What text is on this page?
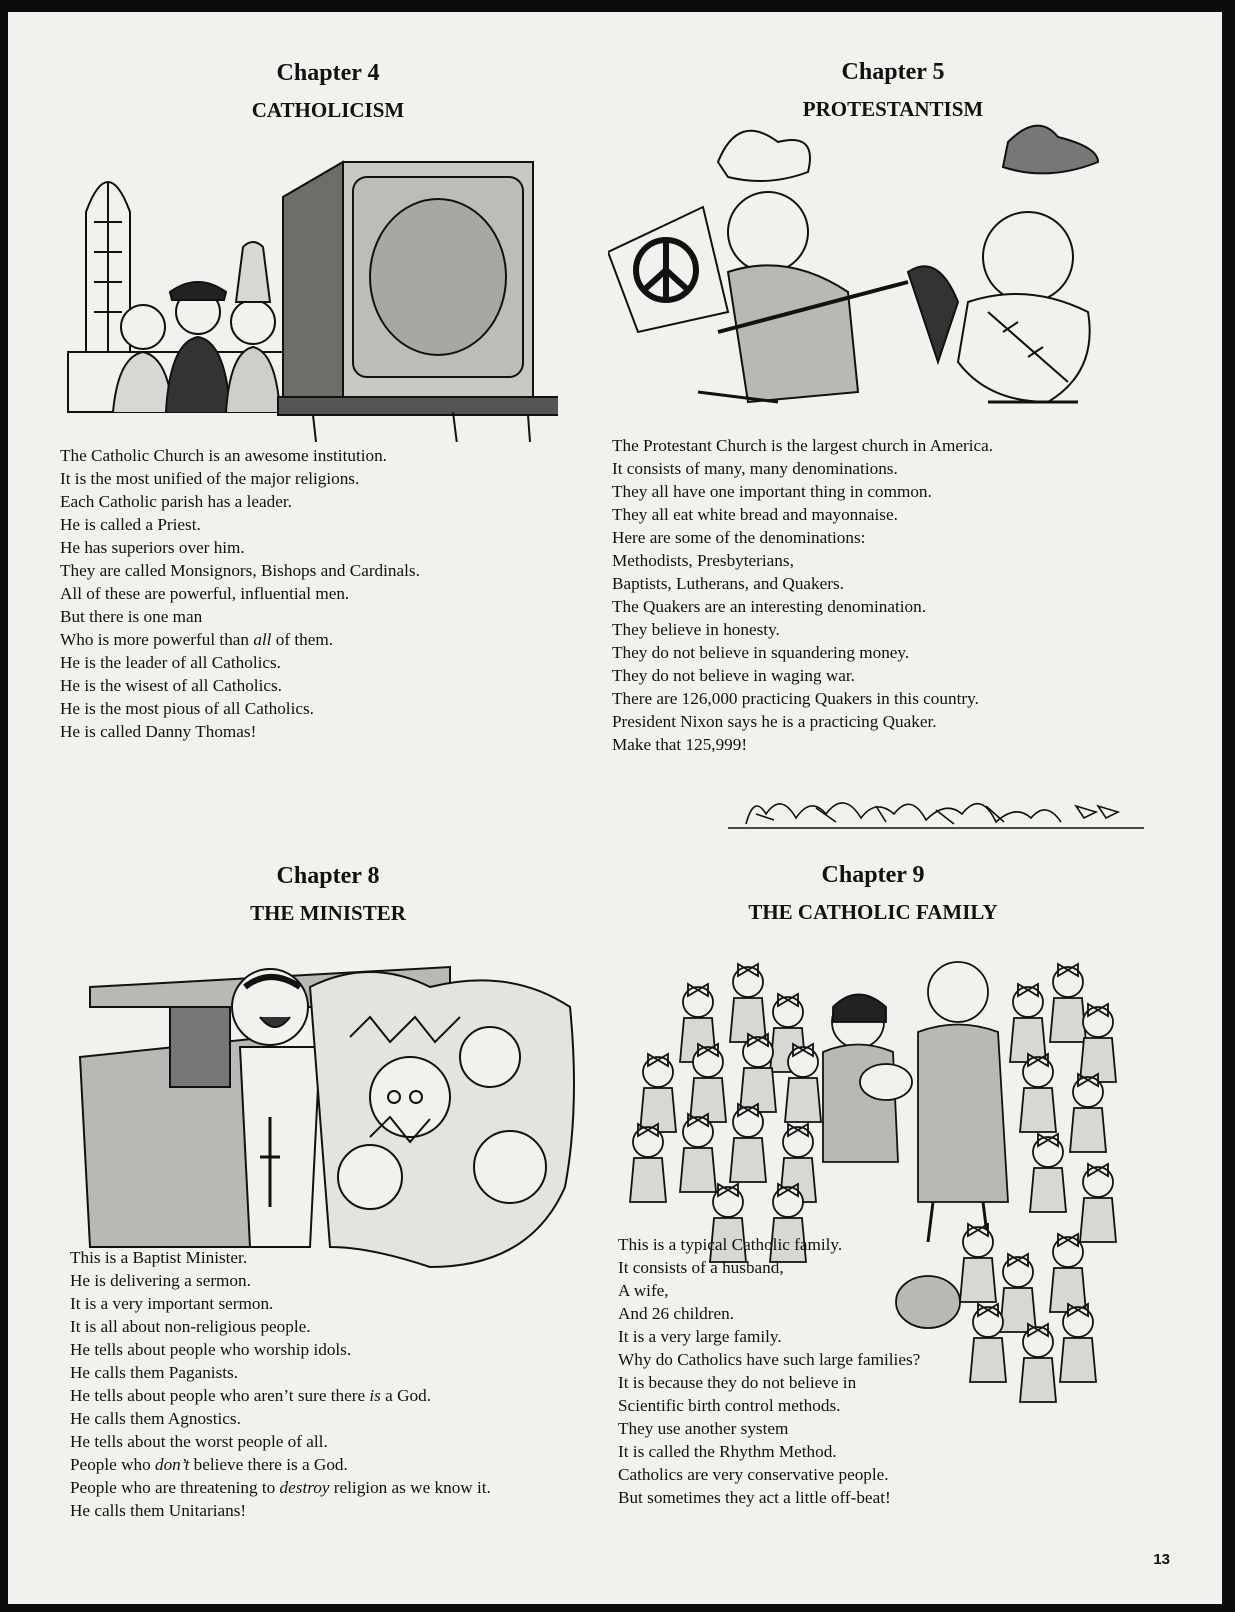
Chapter 4
CATHOLICISM
The Catholic Church is an awesome institution.
It is the most unified of the major religions.
Each Catholic parish has a leader.
He is called a Priest.
He has superiors over him.
They are called Monsignors, Bishops and Cardinals.
All of these are powerful, influential men.
But there is one man
Who is more powerful than all of them.
He is the leader of all Catholics.
He is the wisest of all Catholics.
He is the most pious of all Catholics.
He is called Danny Thomas!
Chapter 5
PROTESTANTISM
The Protestant Church is the largest church in America.
It consists of many, many denominations.
They all have one important thing in common.
They all eat white bread and mayonnaise.
Here are some of the denominations:
Methodists, Presbyterians,
Baptists, Lutherans, and Quakers.
The Quakers are an interesting denomination.
They believe in honesty.
They do not believe in squandering money.
They do not believe in waging war.
There are 126,000 practicing Quakers in this country.
President Nixon says he is a practicing Quaker.
Make that 125,999!
Chapter 8
THE MINISTER
This is a Baptist Minister.
He is delivering a sermon.
It is a very important sermon.
It is all about non-religious people.
He tells about people who worship idols.
He calls them Paganists.
He tells about people who aren’t sure there is a God.
He calls them Agnostics.
He tells about the worst people of all.
People who don’t believe there is a God.
People who are threatening to destroy religion as we know it.
He calls them Unitarians!
Chapter 9
THE CATHOLIC FAMILY
This is a typical Catholic family.
It consists of a husband,
A wife,
And 26 children.
It is a very large family.
Why do Catholics have such large families?
It is because they do not believe in
Scientific birth control methods.
They use another system
It is called the Rhythm Method.
Catholics are very conservative people.
But sometimes they act a little off-beat!
13
